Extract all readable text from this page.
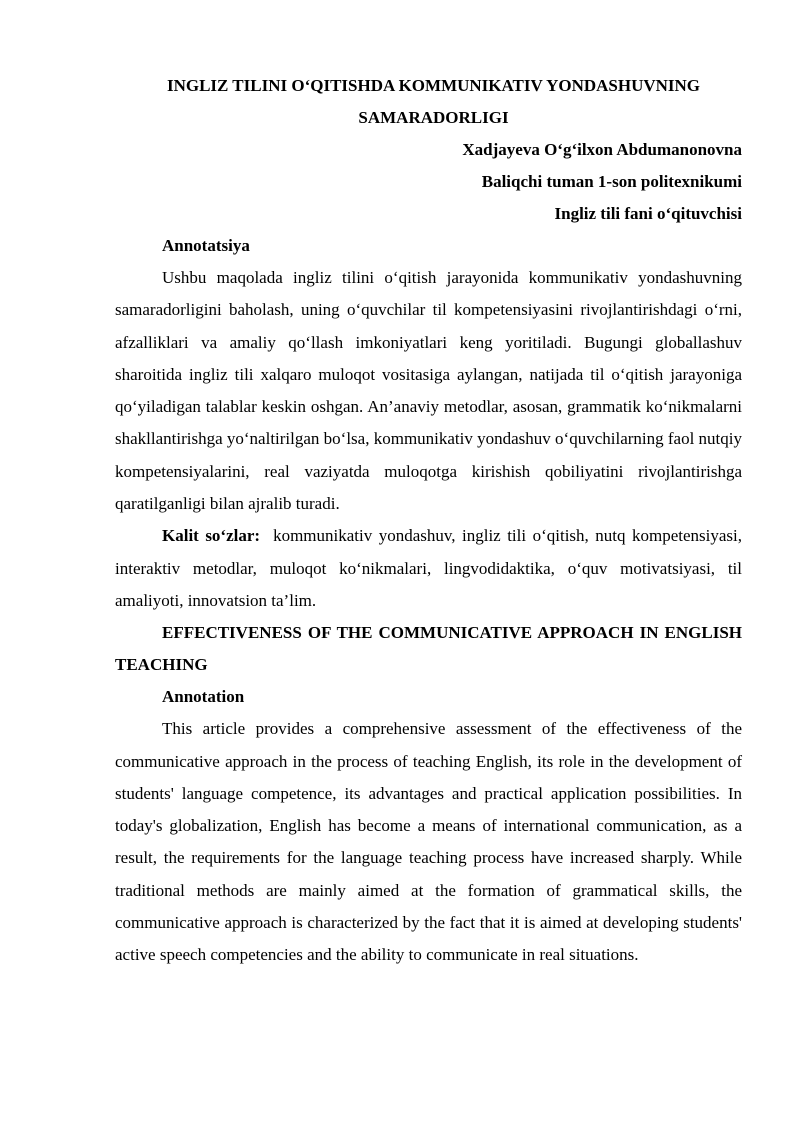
INGLIZ TILINI O‘QITISHDA KOMMUNIKATIV YONDASHUVNING SAMARADORLIGI

Xadjayeva O‘g‘ilxon Abdumanonovna

Baliqchi tuman 1-son politexnikumi

Ingliz tili fani o‘qituvchisi

Annotatsiya

Ushbu maqolada ingliz tilini o‘qitish jarayonida kommunikativ yondashuvning samaradorligini baholash, uning o‘quvchilar til kompetensiyasini rivojlantirishdagi o‘rni, afzalliklari va amaliy qo‘llash imkoniyatlari keng yoritiladi. Bugungi globallashuv sharoitida ingliz tili xalqaro muloqot vositasiga aylangan, natijada til o‘qitish jarayoniga qo‘yiladigan talablar keskin oshgan. An’anaviy metodlar, asosan, grammatik ko‘nikmalarni shakllantirishga yo‘naltirilgan bo‘lsa, kommunikativ yondashuv o‘quvchilarning faol nutqiy kompetensiyalarini, real vaziyatda muloqotga kirishish qobiliyatini rivojlantirishga qaratilganligi bilan ajralib turadi.

Kalit so‘zlar: kommunikativ yondashuv, ingliz tili o‘qitish, nutq kompetensiyasi, interaktiv metodlar, muloqot ko‘nikmalari, lingvodidaktika, o‘quv motivatsiyasi, til amaliyoti, innovatsion ta’lim.

EFFECTIVENESS OF THE COMMUNICATIVE APPROACH IN ENGLISH TEACHING

Annotation

This article provides a comprehensive assessment of the effectiveness of the communicative approach in the process of teaching English, its role in the development of students' language competence, its advantages and practical application possibilities. In today's globalization, English has become a means of international communication, as a result, the requirements for the language teaching process have increased sharply. While traditional methods are mainly aimed at the formation of grammatical skills, the communicative approach is characterized by the fact that it is aimed at developing students' active speech competencies and the ability to communicate in real situations.
